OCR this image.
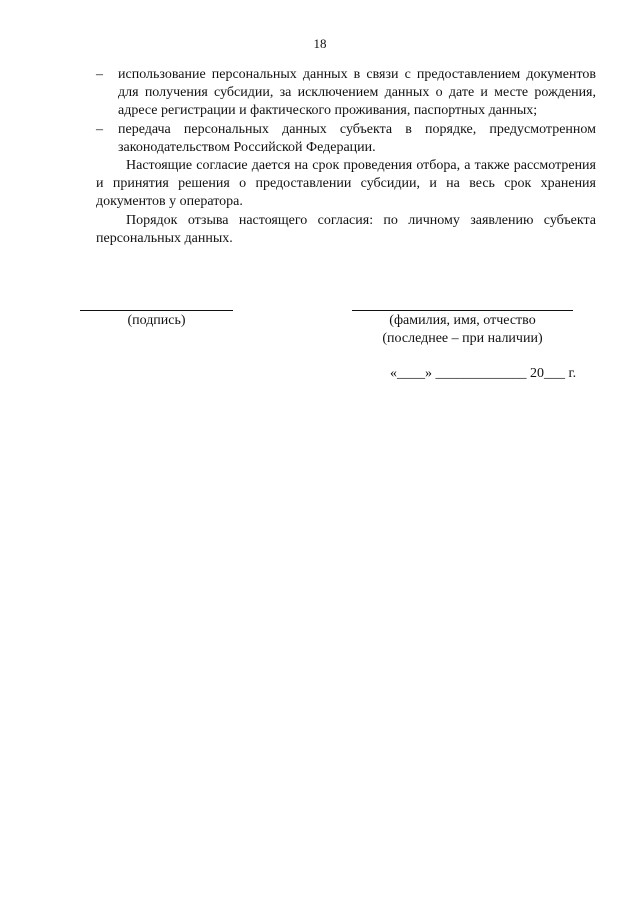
18
–	использование персональных данных в связи с предоставлением документов для получения субсидии, за исключением данных о дате и месте рождения, адресе регистрации и фактического проживания, паспортных данных;
–	передача персональных данных субъекта в порядке, предусмотренном законодательством Российской Федерации.
Настоящие согласие дается на срок проведения отбора, а также рассмотрения и принятия решения о предоставлении субсидии, и на весь срок хранения документов у оператора.
Порядок отзыва настоящего согласия: по личному заявлению субъекта персональных данных.
(подпись)	(фамилия, имя, отчество
(последнее – при наличии)
«____» _____________ 20___ г.
